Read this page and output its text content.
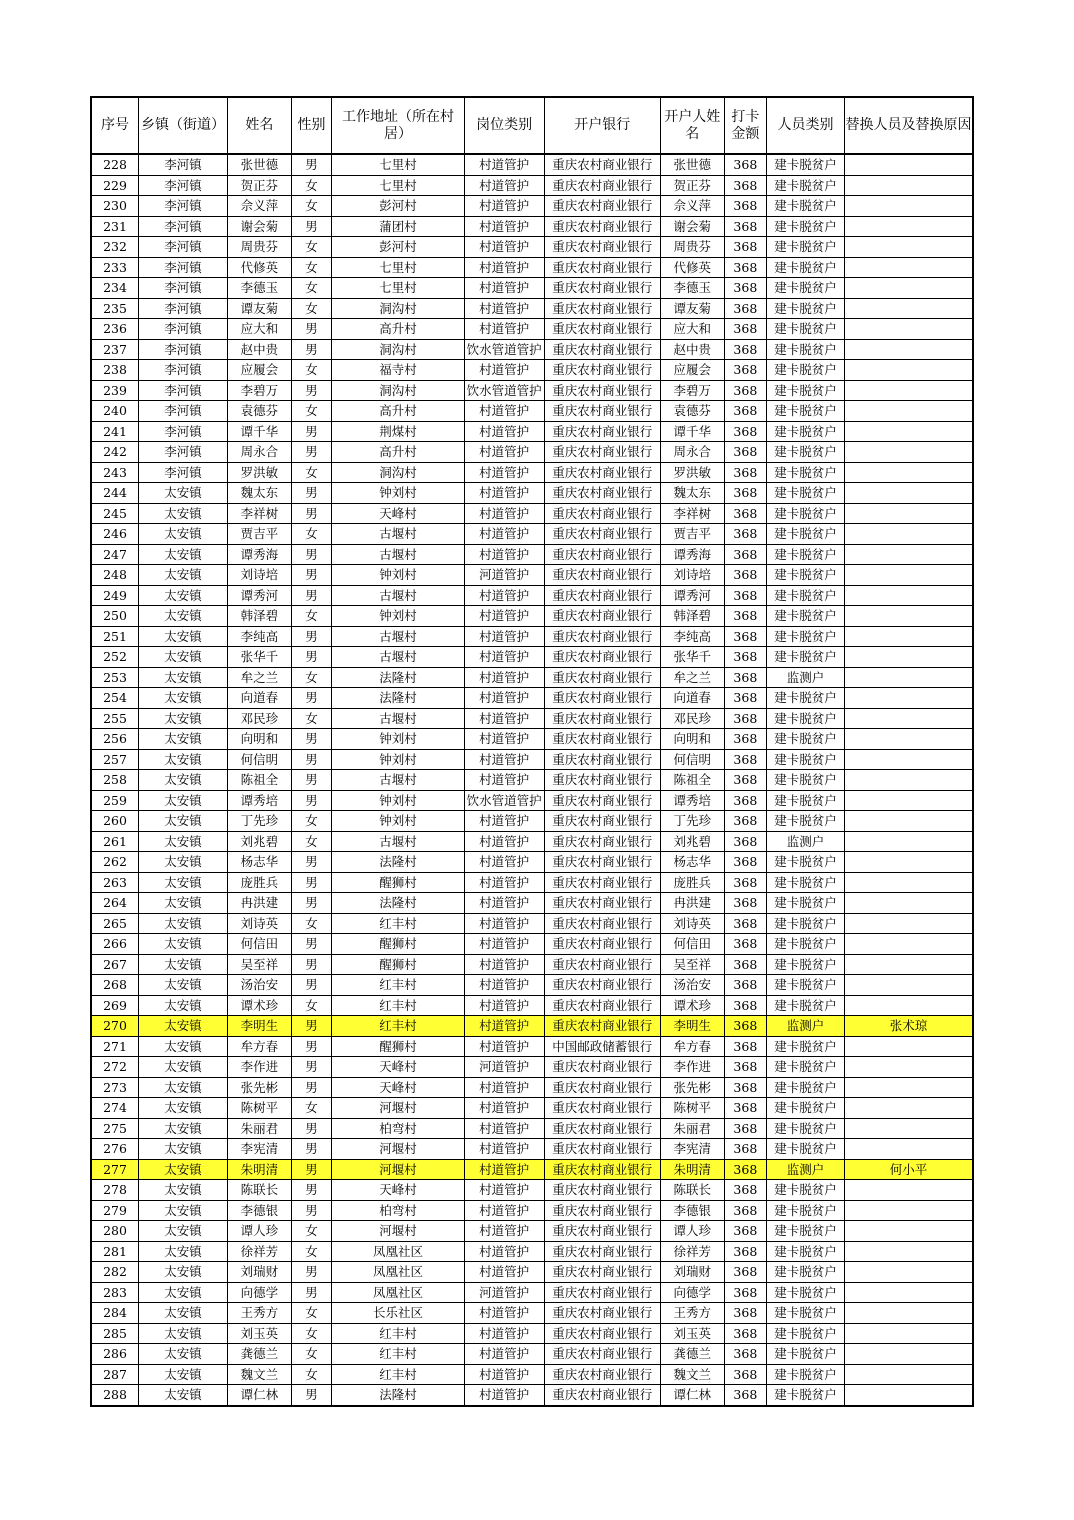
序号	乡镇（街道）	姓名	性别	工作地址（所在村居）	岗位类别	开户银行	开户人姓名	打卡金额	人员类别	替换人员及替换原因
228	李河镇	张世德	男	七里村	村道管护	重庆农村商业银行	张世德	368	建卡脱贫户	
229	李河镇	贺正芬	女	七里村	村道管护	重庆农村商业银行	贺正芬	368	建卡脱贫户	
230	李河镇	佘义萍	女	彭河村	村道管护	重庆农村商业银行	佘义萍	368	建卡脱贫户	
231	李河镇	谢会菊	男	蒲团村	村道管护	重庆农村商业银行	谢会菊	368	建卡脱贫户	
232	李河镇	周贵芬	女	彭河村	村道管护	重庆农村商业银行	周贵芬	368	建卡脱贫户	
233	李河镇	代修英	女	七里村	村道管护	重庆农村商业银行	代修英	368	建卡脱贫户	
234	李河镇	李德玉	女	七里村	村道管护	重庆农村商业银行	李德玉	368	建卡脱贫户	
235	李河镇	谭友菊	女	洞沟村	村道管护	重庆农村商业银行	谭友菊	368	建卡脱贫户	
236	李河镇	应大和	男	高升村	村道管护	重庆农村商业银行	应大和	368	建卡脱贫户	
237	李河镇	赵中贵	男	洞沟村	饮水管道管护	重庆农村商业银行	赵中贵	368	建卡脱贫户	
238	李河镇	应履会	女	福寺村	村道管护	重庆农村商业银行	应履会	368	建卡脱贫户	
239	李河镇	李碧万	男	洞沟村	饮水管道管护	重庆农村商业银行	李碧万	368	建卡脱贫户	
240	李河镇	袁德芬	女	高升村	村道管护	重庆农村商业银行	袁德芬	368	建卡脱贫户	
241	李河镇	谭千华	男	荆煤村	村道管护	重庆农村商业银行	谭千华	368	建卡脱贫户	
242	李河镇	周永合	男	高升村	村道管护	重庆农村商业银行	周永合	368	建卡脱贫户	
243	李河镇	罗洪敏	女	洞沟村	村道管护	重庆农村商业银行	罗洪敏	368	建卡脱贫户	
244	太安镇	魏太东	男	钟刘村	村道管护	重庆农村商业银行	魏太东	368	建卡脱贫户	
245	太安镇	李祥树	男	天峰村	村道管护	重庆农村商业银行	李祥树	368	建卡脱贫户	
246	太安镇	贾吉平	女	古堰村	村道管护	重庆农村商业银行	贾吉平	368	建卡脱贫户	
247	太安镇	谭秀海	男	古堰村	村道管护	重庆农村商业银行	谭秀海	368	建卡脱贫户	
248	太安镇	刘诗培	男	钟刘村	河道管护	重庆农村商业银行	刘诗培	368	建卡脱贫户	
249	太安镇	谭秀河	男	古堰村	村道管护	重庆农村商业银行	谭秀河	368	建卡脱贫户	
250	太安镇	韩泽碧	女	钟刘村	村道管护	重庆农村商业银行	韩泽碧	368	建卡脱贫户	
251	太安镇	李纯高	男	古堰村	村道管护	重庆农村商业银行	李纯高	368	建卡脱贫户	
252	太安镇	张华千	男	古堰村	村道管护	重庆农村商业银行	张华千	368	建卡脱贫户	
253	太安镇	牟之兰	女	法隆村	村道管护	重庆农村商业银行	牟之兰	368	监测户	
254	太安镇	向道春	男	法隆村	村道管护	重庆农村商业银行	向道春	368	建卡脱贫户	
255	太安镇	邓民珍	女	古堰村	村道管护	重庆农村商业银行	邓民珍	368	建卡脱贫户	
256	太安镇	向明和	男	钟刘村	村道管护	重庆农村商业银行	向明和	368	建卡脱贫户	
257	太安镇	何信明	男	钟刘村	村道管护	重庆农村商业银行	何信明	368	建卡脱贫户	
258	太安镇	陈祖全	男	古堰村	村道管护	重庆农村商业银行	陈祖全	368	建卡脱贫户	
259	太安镇	谭秀培	男	钟刘村	饮水管道管护	重庆农村商业银行	谭秀培	368	建卡脱贫户	
260	太安镇	丁先珍	女	钟刘村	村道管护	重庆农村商业银行	丁先珍	368	建卡脱贫户	
261	太安镇	刘兆碧	女	古堰村	村道管护	重庆农村商业银行	刘兆碧	368	监测户	
262	太安镇	杨志华	男	法隆村	村道管护	重庆农村商业银行	杨志华	368	建卡脱贫户	
263	太安镇	庞胜兵	男	醒狮村	村道管护	重庆农村商业银行	庞胜兵	368	建卡脱贫户	
264	太安镇	冉洪建	男	法隆村	村道管护	重庆农村商业银行	冉洪建	368	建卡脱贫户	
265	太安镇	刘诗英	女	红丰村	村道管护	重庆农村商业银行	刘诗英	368	建卡脱贫户	
266	太安镇	何信田	男	醒狮村	村道管护	重庆农村商业银行	何信田	368	建卡脱贫户	
267	太安镇	吴至祥	男	醒狮村	村道管护	重庆农村商业银行	吴至祥	368	建卡脱贫户	
268	太安镇	汤治安	男	红丰村	村道管护	重庆农村商业银行	汤治安	368	建卡脱贫户	
269	太安镇	谭术珍	女	红丰村	村道管护	重庆农村商业银行	谭术珍	368	建卡脱贫户	
270	太安镇	李明生	男	红丰村	村道管护	重庆农村商业银行	李明生	368	监测户	张术琼
271	太安镇	牟方春	男	醒狮村	村道管护	中国邮政储蓄银行	牟方春	368	建卡脱贫户	
272	太安镇	李作进	男	天峰村	河道管护	重庆农村商业银行	李作进	368	建卡脱贫户	
273	太安镇	张先彬	男	天峰村	村道管护	重庆农村商业银行	张先彬	368	建卡脱贫户	
274	太安镇	陈树平	女	河堰村	村道管护	重庆农村商业银行	陈树平	368	建卡脱贫户	
275	太安镇	朱丽君	男	柏弯村	村道管护	重庆农村商业银行	朱丽君	368	建卡脱贫户	
276	太安镇	李宪清	男	河堰村	村道管护	重庆农村商业银行	李宪清	368	建卡脱贫户	
277	太安镇	朱明清	男	河堰村	村道管护	重庆农村商业银行	朱明清	368	监测户	何小平
278	太安镇	陈联长	男	天峰村	村道管护	重庆农村商业银行	陈联长	368	建卡脱贫户	
279	太安镇	李德银	男	柏弯村	村道管护	重庆农村商业银行	李德银	368	建卡脱贫户	
280	太安镇	谭人珍	女	河堰村	村道管护	重庆农村商业银行	谭人珍	368	建卡脱贫户	
281	太安镇	徐祥芳	女	凤凰社区	村道管护	重庆农村商业银行	徐祥芳	368	建卡脱贫户	
282	太安镇	刘瑞财	男	凤凰社区	村道管护	重庆农村商业银行	刘瑞财	368	建卡脱贫户	
283	太安镇	向德学	男	凤凰社区	河道管护	重庆农村商业银行	向德学	368	建卡脱贫户	
284	太安镇	王秀方	女	长乐社区	村道管护	重庆农村商业银行	王秀方	368	建卡脱贫户	
285	太安镇	刘玉英	女	红丰村	村道管护	重庆农村商业银行	刘玉英	368	建卡脱贫户	
286	太安镇	龚德兰	女	红丰村	村道管护	重庆农村商业银行	龚德兰	368	建卡脱贫户	
287	太安镇	魏文兰	女	红丰村	村道管护	重庆农村商业银行	魏文兰	368	建卡脱贫户	
288	太安镇	谭仁林	男	法隆村	村道管护	重庆农村商业银行	谭仁林	368	建卡脱贫户	
